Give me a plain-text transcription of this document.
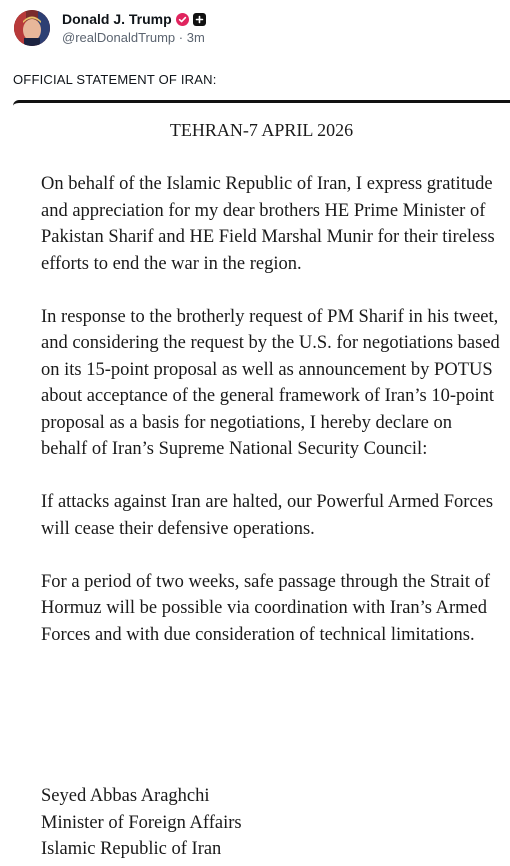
Donald J. Trump
@realDonaldTrump · 3m
OFFICIAL STATEMENT OF IRAN:
TEHRAN-7 APRIL 2026

On behalf of the Islamic Republic of Iran, I express gratitude and appreciation for my dear brothers HE Prime Minister of Pakistan Sharif and HE Field Marshal Munir for their tireless efforts to end the war in the region.

In response to the brotherly request of PM Sharif in his tweet, and considering the request by the U.S. for negotiations based on its 15-point proposal as well as announcement by POTUS about acceptance of the general framework of Iran’s 10-point proposal as a basis for negotiations, I hereby declare on behalf of Iran’s Supreme National Security Council:

If attacks against Iran are halted, our Powerful Armed Forces will cease their defensive operations.

For a period of two weeks, safe passage through the Strait of Hormuz will be possible via coordination with Iran’s Armed Forces and with due consideration of technical limitations.

Seyed Abbas Araghchi
Minister of Foreign Affairs
Islamic Republic of Iran
